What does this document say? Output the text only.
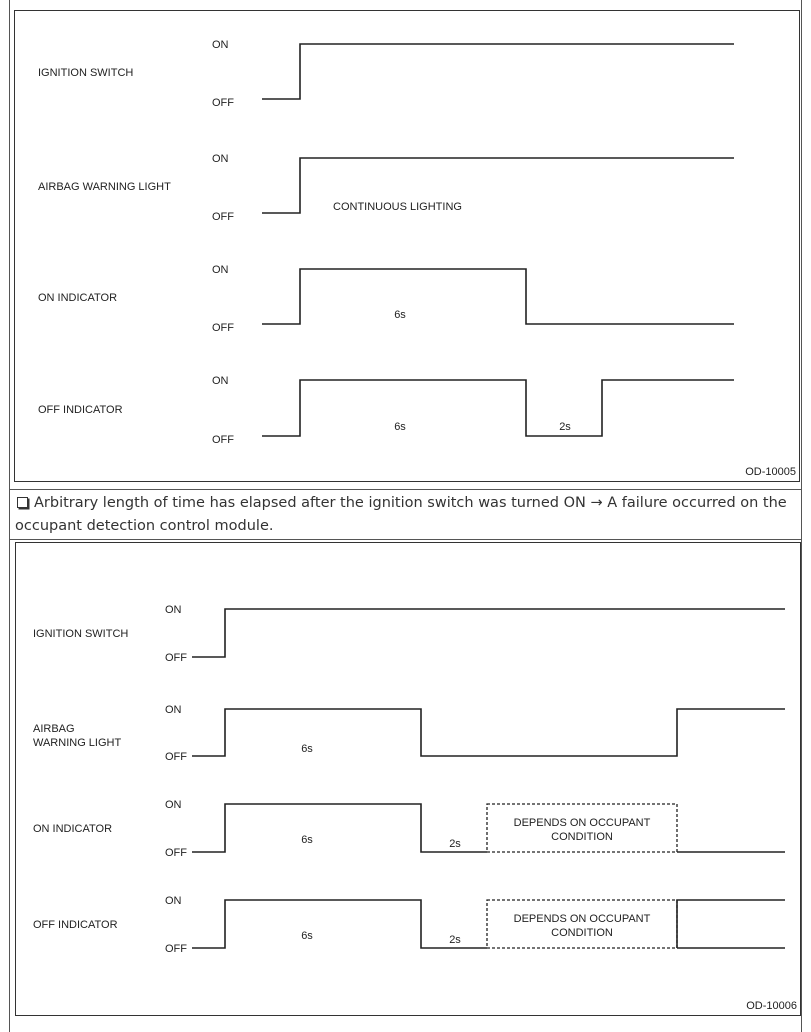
IGNITION SWITCH
ON
OFF
AIRBAG WARNING LIGHT
ON
OFF
ON INDICATOR
ON
OFF
OFF INDICATOR
ON
OFF
CONTINUOUS LIGHTING
6s
6s	2s
OD-10005
Arbitrary length of time has elapsed after the ignition switch was turned ON → A failure occurred on the occupant detection control module.
IGNITION SWITCH
AIRBAG WARNING LIGHT
ON INDICATOR
OFF INDICATOR
ON
OFF
ON
OFF
ON
OFF
ON
OFF
6s	2s
DEPENDS ON OCCUPANT CONDITION
6s	2s
DEPENDS ON OCCUPANT CONDITION
6s
OD-10006
